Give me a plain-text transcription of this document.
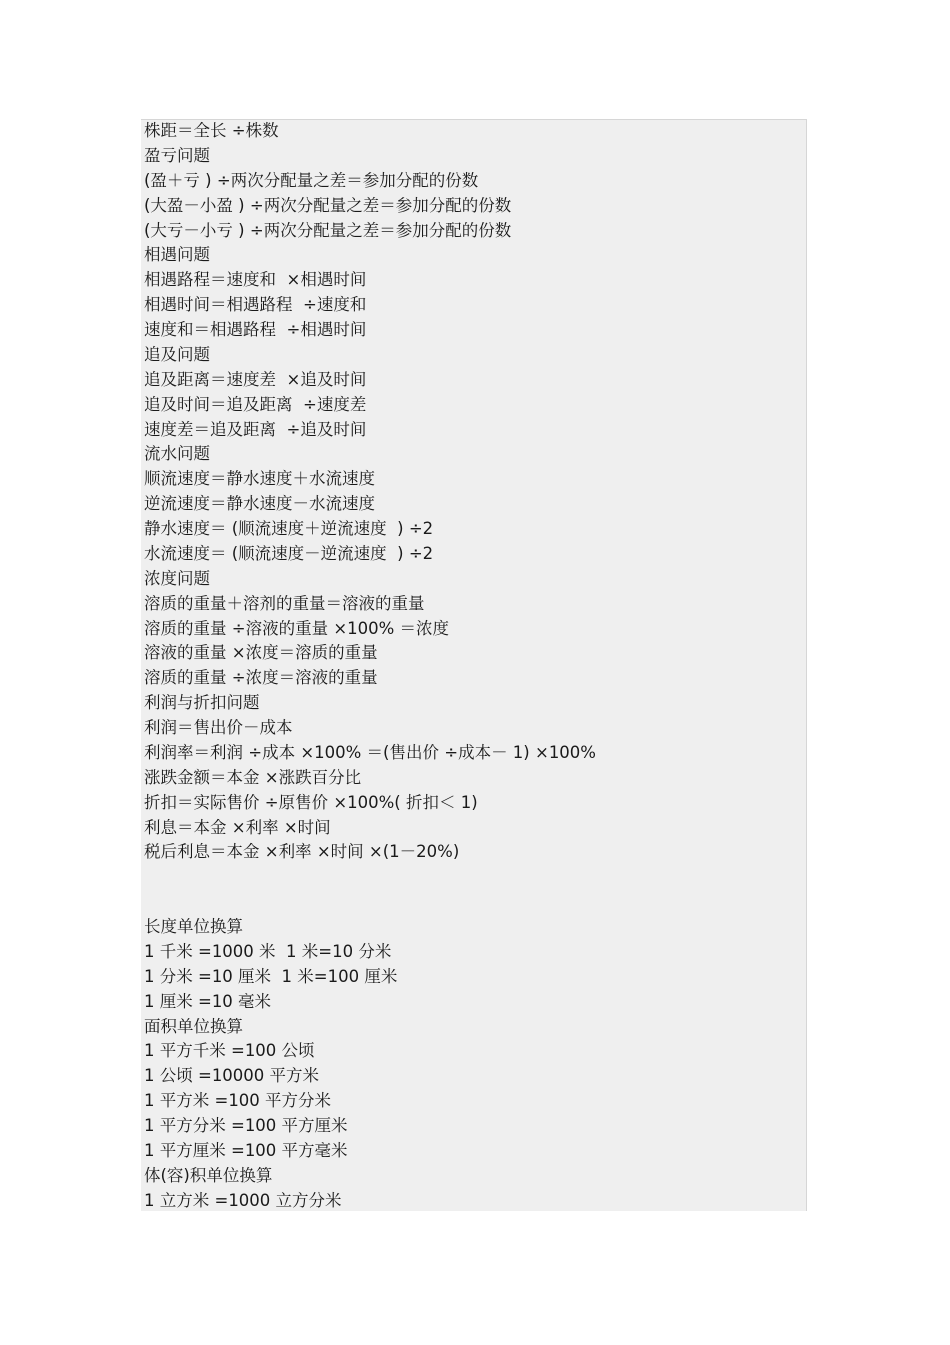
株距＝全长 ÷株数
盈亏问题
(盈＋亏 ) ÷两次分配量之差＝参加分配的份数
(大盈－小盈 ) ÷两次分配量之差＝参加分配的份数
(大亏－小亏 ) ÷两次分配量之差＝参加分配的份数
相遇问题
相遇路程＝速度和  ×相遇时间
相遇时间＝相遇路程  ÷速度和
速度和＝相遇路程  ÷相遇时间
追及问题
追及距离＝速度差  ×追及时间
追及时间＝追及距离  ÷速度差
速度差＝追及距离  ÷追及时间
流水问题
顺流速度＝静水速度＋水流速度
逆流速度＝静水速度－水流速度
静水速度＝ (顺流速度＋逆流速度  ) ÷2
水流速度＝ (顺流速度－逆流速度  ) ÷2
浓度问题
溶质的重量＋溶剂的重量＝溶液的重量
溶质的重量 ÷溶液的重量 ×100% ＝浓度
溶液的重量 ×浓度＝溶质的重量
溶质的重量 ÷浓度＝溶液的重量
利润与折扣问题
利润＝售出价－成本
利润率＝利润 ÷成本 ×100% ＝(售出价 ÷成本－ 1) ×100%
涨跌金额＝本金 ×涨跌百分比
折扣＝实际售价 ÷原售价 ×100%( 折扣＜ 1)
利息＝本金 ×利率 ×时间
税后利息＝本金 ×利率 ×时间 ×(1－20%)
长度单位换算
1 千米 =1000 米  1 米=10 分米
1 分米 =10 厘米  1 米=100 厘米
1 厘米 =10 毫米
面积单位换算
1 平方千米 =100 公顷
1 公顷 =10000 平方米
1 平方米 =100 平方分米
1 平方分米 =100 平方厘米
1 平方厘米 =100 平方毫米
体(容)积单位换算
1 立方米 =1000 立方分米
